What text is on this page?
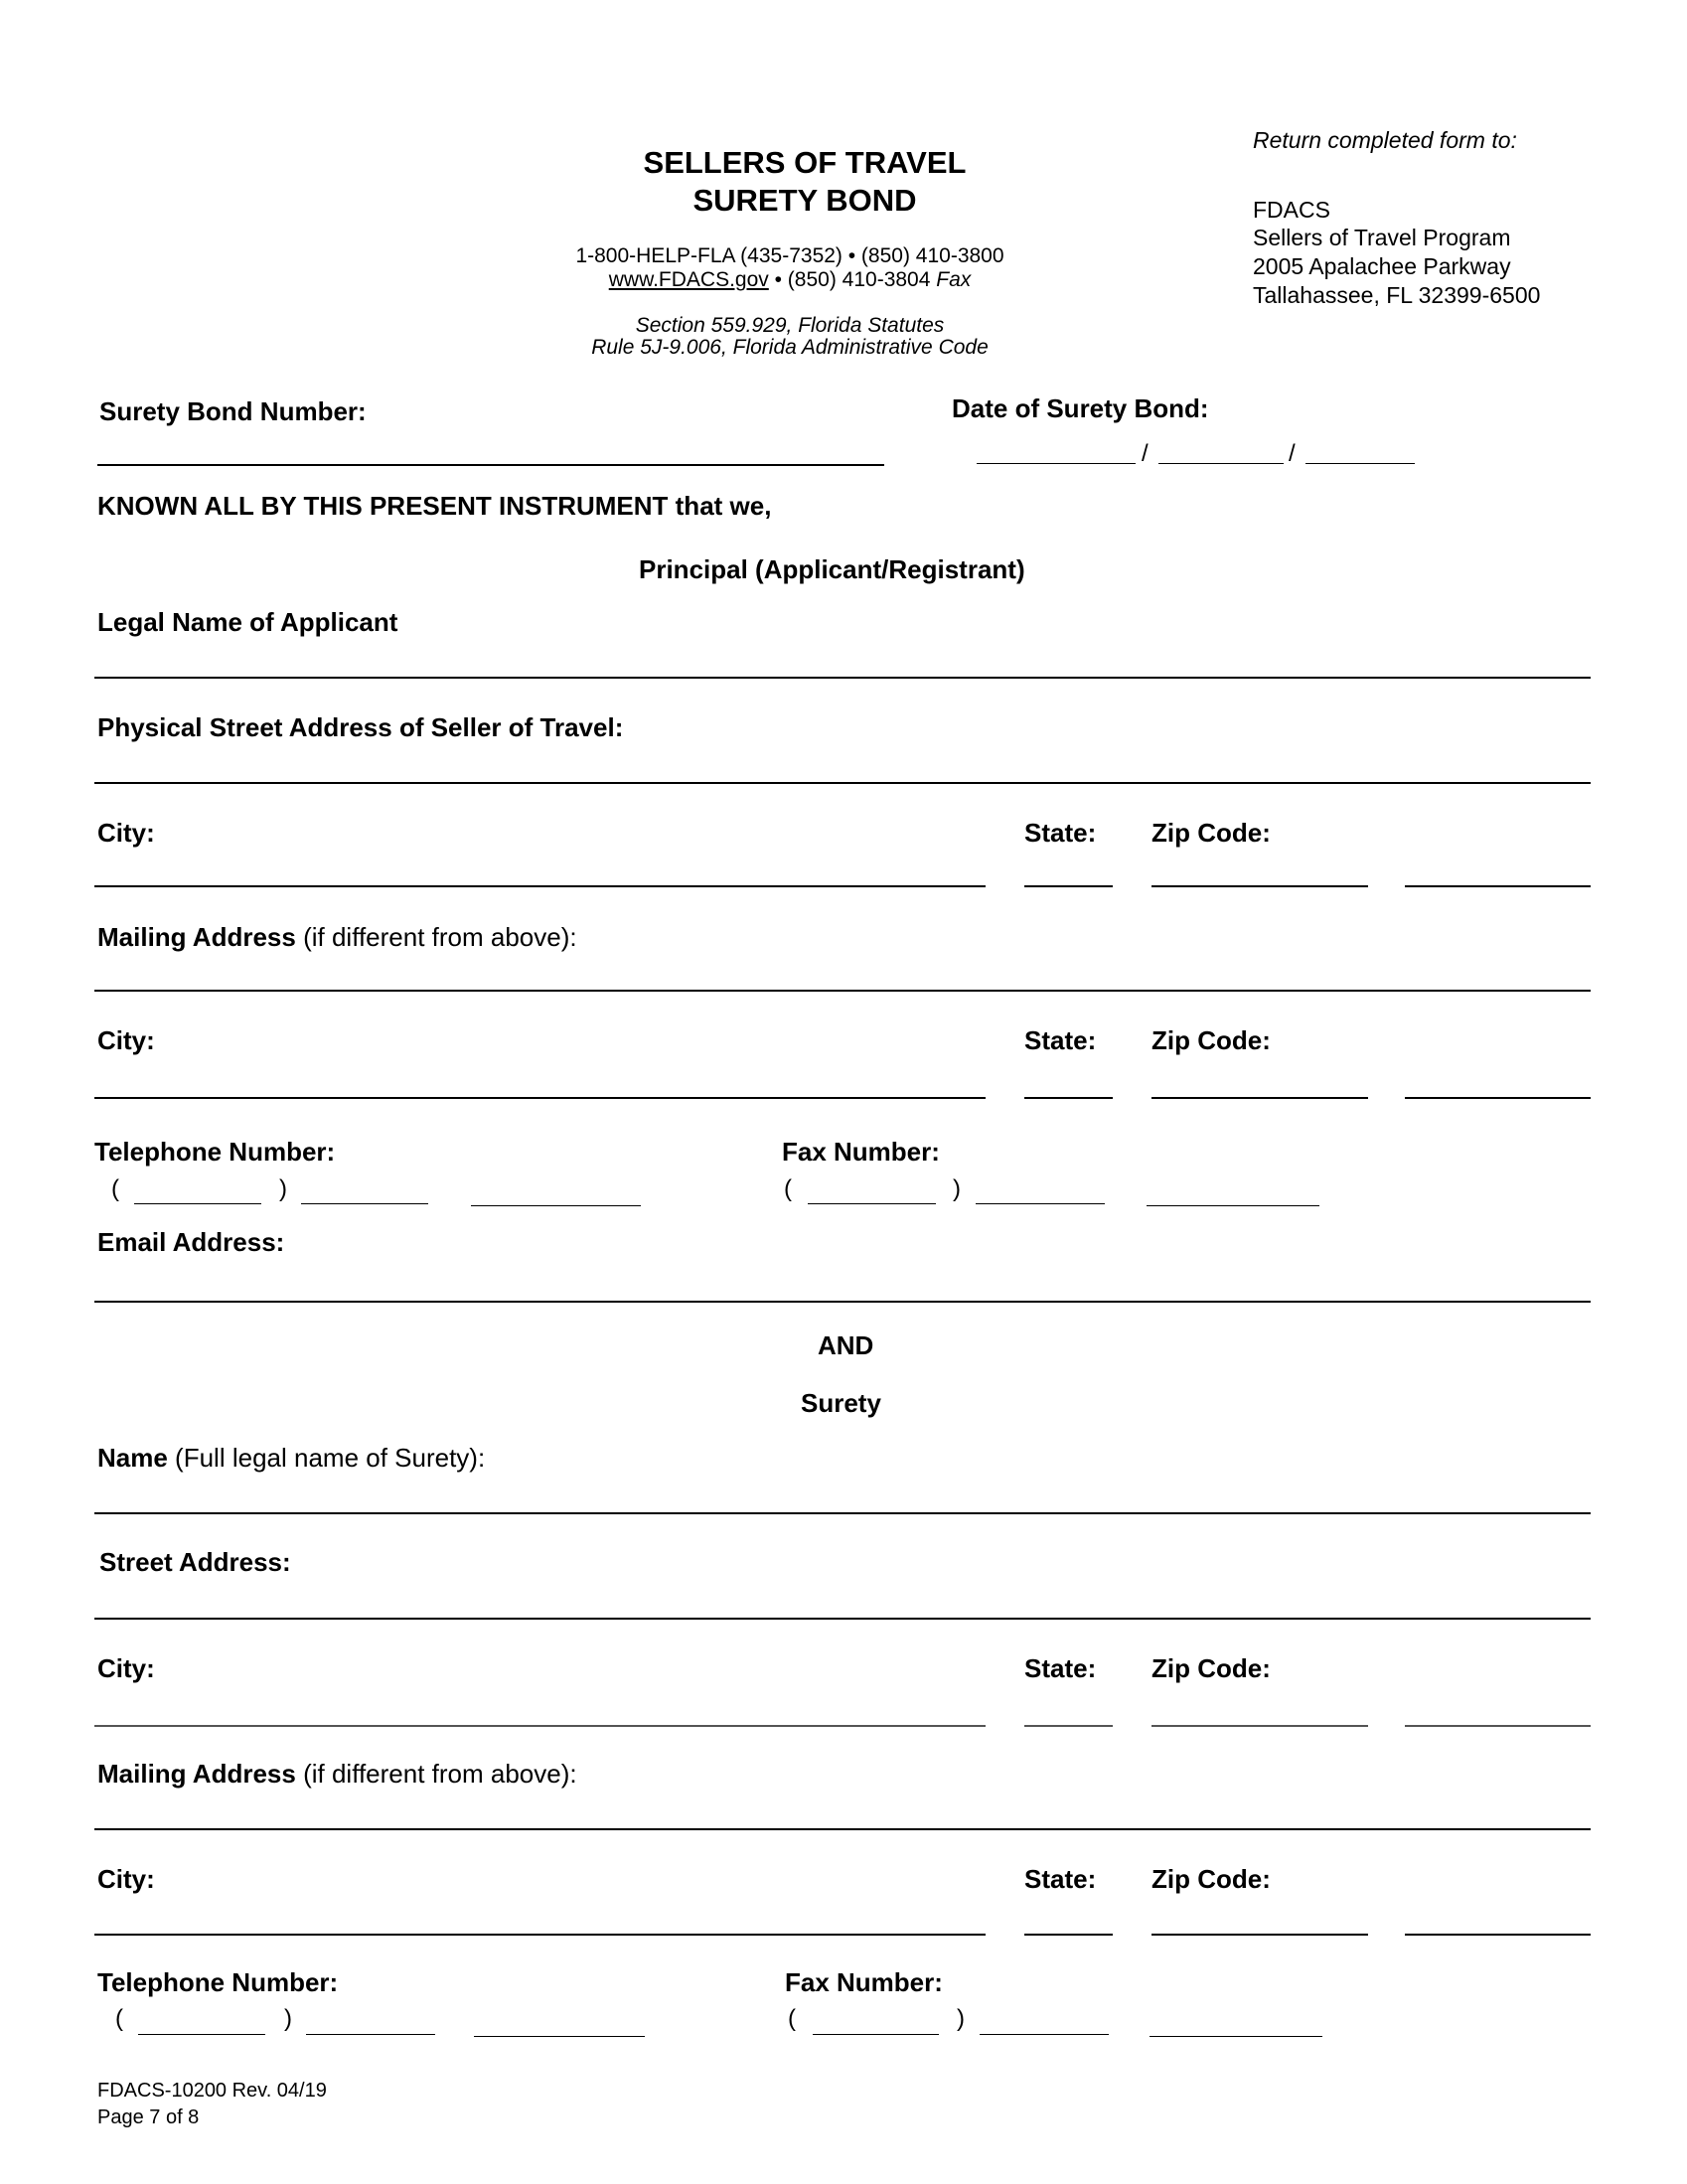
SELLERS OF TRAVEL
SURETY BOND
1-800-HELP-FLA (435-7352) • (850) 410-3800
www.FDACS.gov • (850) 410-3804 Fax
Section 559.929, Florida Statutes
Rule 5J-9.006, Florida Administrative Code
Return completed form to:
FDACS
Sellers of Travel Program
2005 Apalachee Parkway
Tallahassee, FL 32399-6500
Surety Bond Number:	Date of Surety Bond:
/	/
KNOWN ALL BY THIS PRESENT INSTRUMENT that we,
Principal (Applicant/Registrant)
Legal Name of Applicant
Physical Street Address of Seller of Travel:
City:	State: Zip Code:
Mailing Address (if different from above):
City:	State: Zip Code:
Telephone Number:
(	)
Fax Number:
(	)
Email Address:
AND
Surety
Name (Full legal name of Surety):
Street Address:
City:	State: Zip Code:
Mailing Address (if different from above):
City:	State: Zip Code:
Telephone Number:
(	)
Fax Number:
(	)
FDACS-10200 Rev. 04/19
Page 7 of 8
